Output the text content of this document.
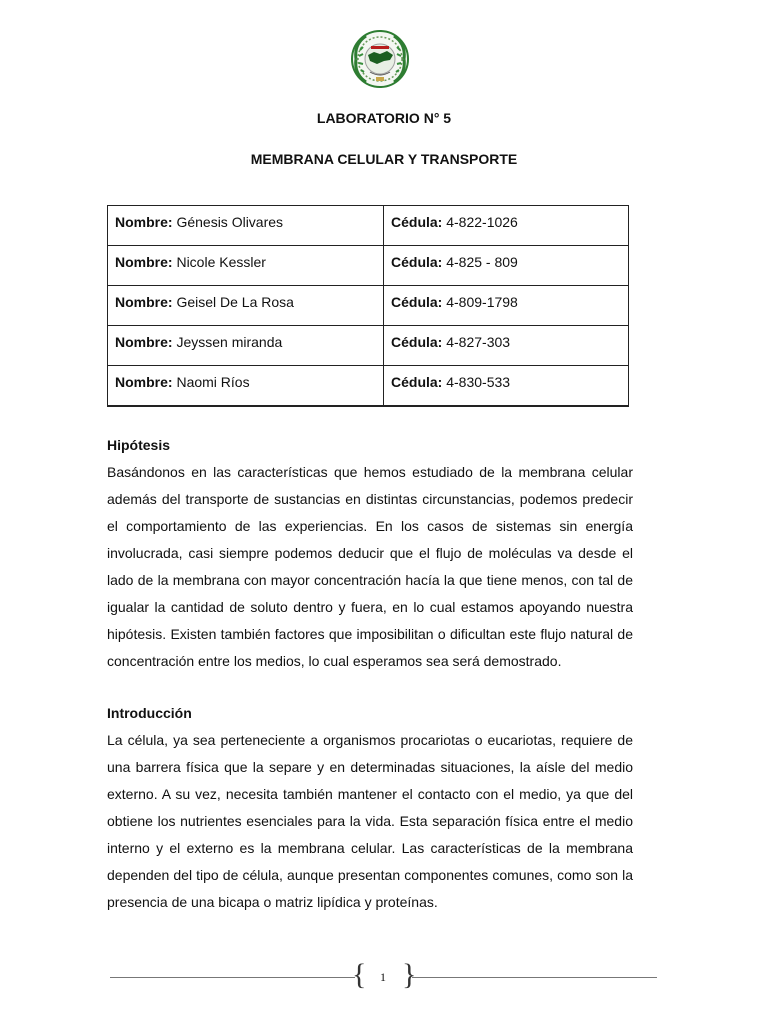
LABORATORIO N° 5
MEMBRANA CELULAR Y TRANSPORTE
Nombre: Génesis Olivares	Cédula: 4-822-1026
Nombre: Nicole Kessler	Cédula: 4-825 - 809
Nombre: Geisel De La Rosa	Cédula: 4-809-1798
Nombre: Jeyssen miranda	Cédula: 4-827-303
Nombre: Naomi Ríos	Cédula: 4-830-533
Hipótesis
Basándonos en las características que hemos estudiado de la membrana celular además del transporte de sustancias en distintas circunstancias, podemos predecir el comportamiento de las experiencias. En los casos de sistemas sin energía involucrada, casi siempre podemos deducir que el flujo de moléculas va desde el lado de la membrana con mayor concentración hacía la que tiene menos, con tal de igualar la cantidad de soluto dentro y fuera, en lo cual estamos apoyando nuestra hipótesis. Existen también factores que imposibilitan o dificultan este flujo natural de concentración entre los medios, lo cual esperamos sea será demostrado.
Introducción
La célula, ya sea perteneciente a organismos procariotas o eucariotas, requiere de una barrera física que la separe y en determinadas situaciones, la aísle del medio externo. A su vez, necesita también mantener el contacto con el medio, ya que del obtiene los nutrientes esenciales para la vida. Esta separación física entre el medio interno y el externo es la membrana celular. Las características de la membrana dependen del tipo de célula, aunque presentan componentes comunes, como son la presencia de una bicapa o matriz lipídica y proteínas.
{ }
1
